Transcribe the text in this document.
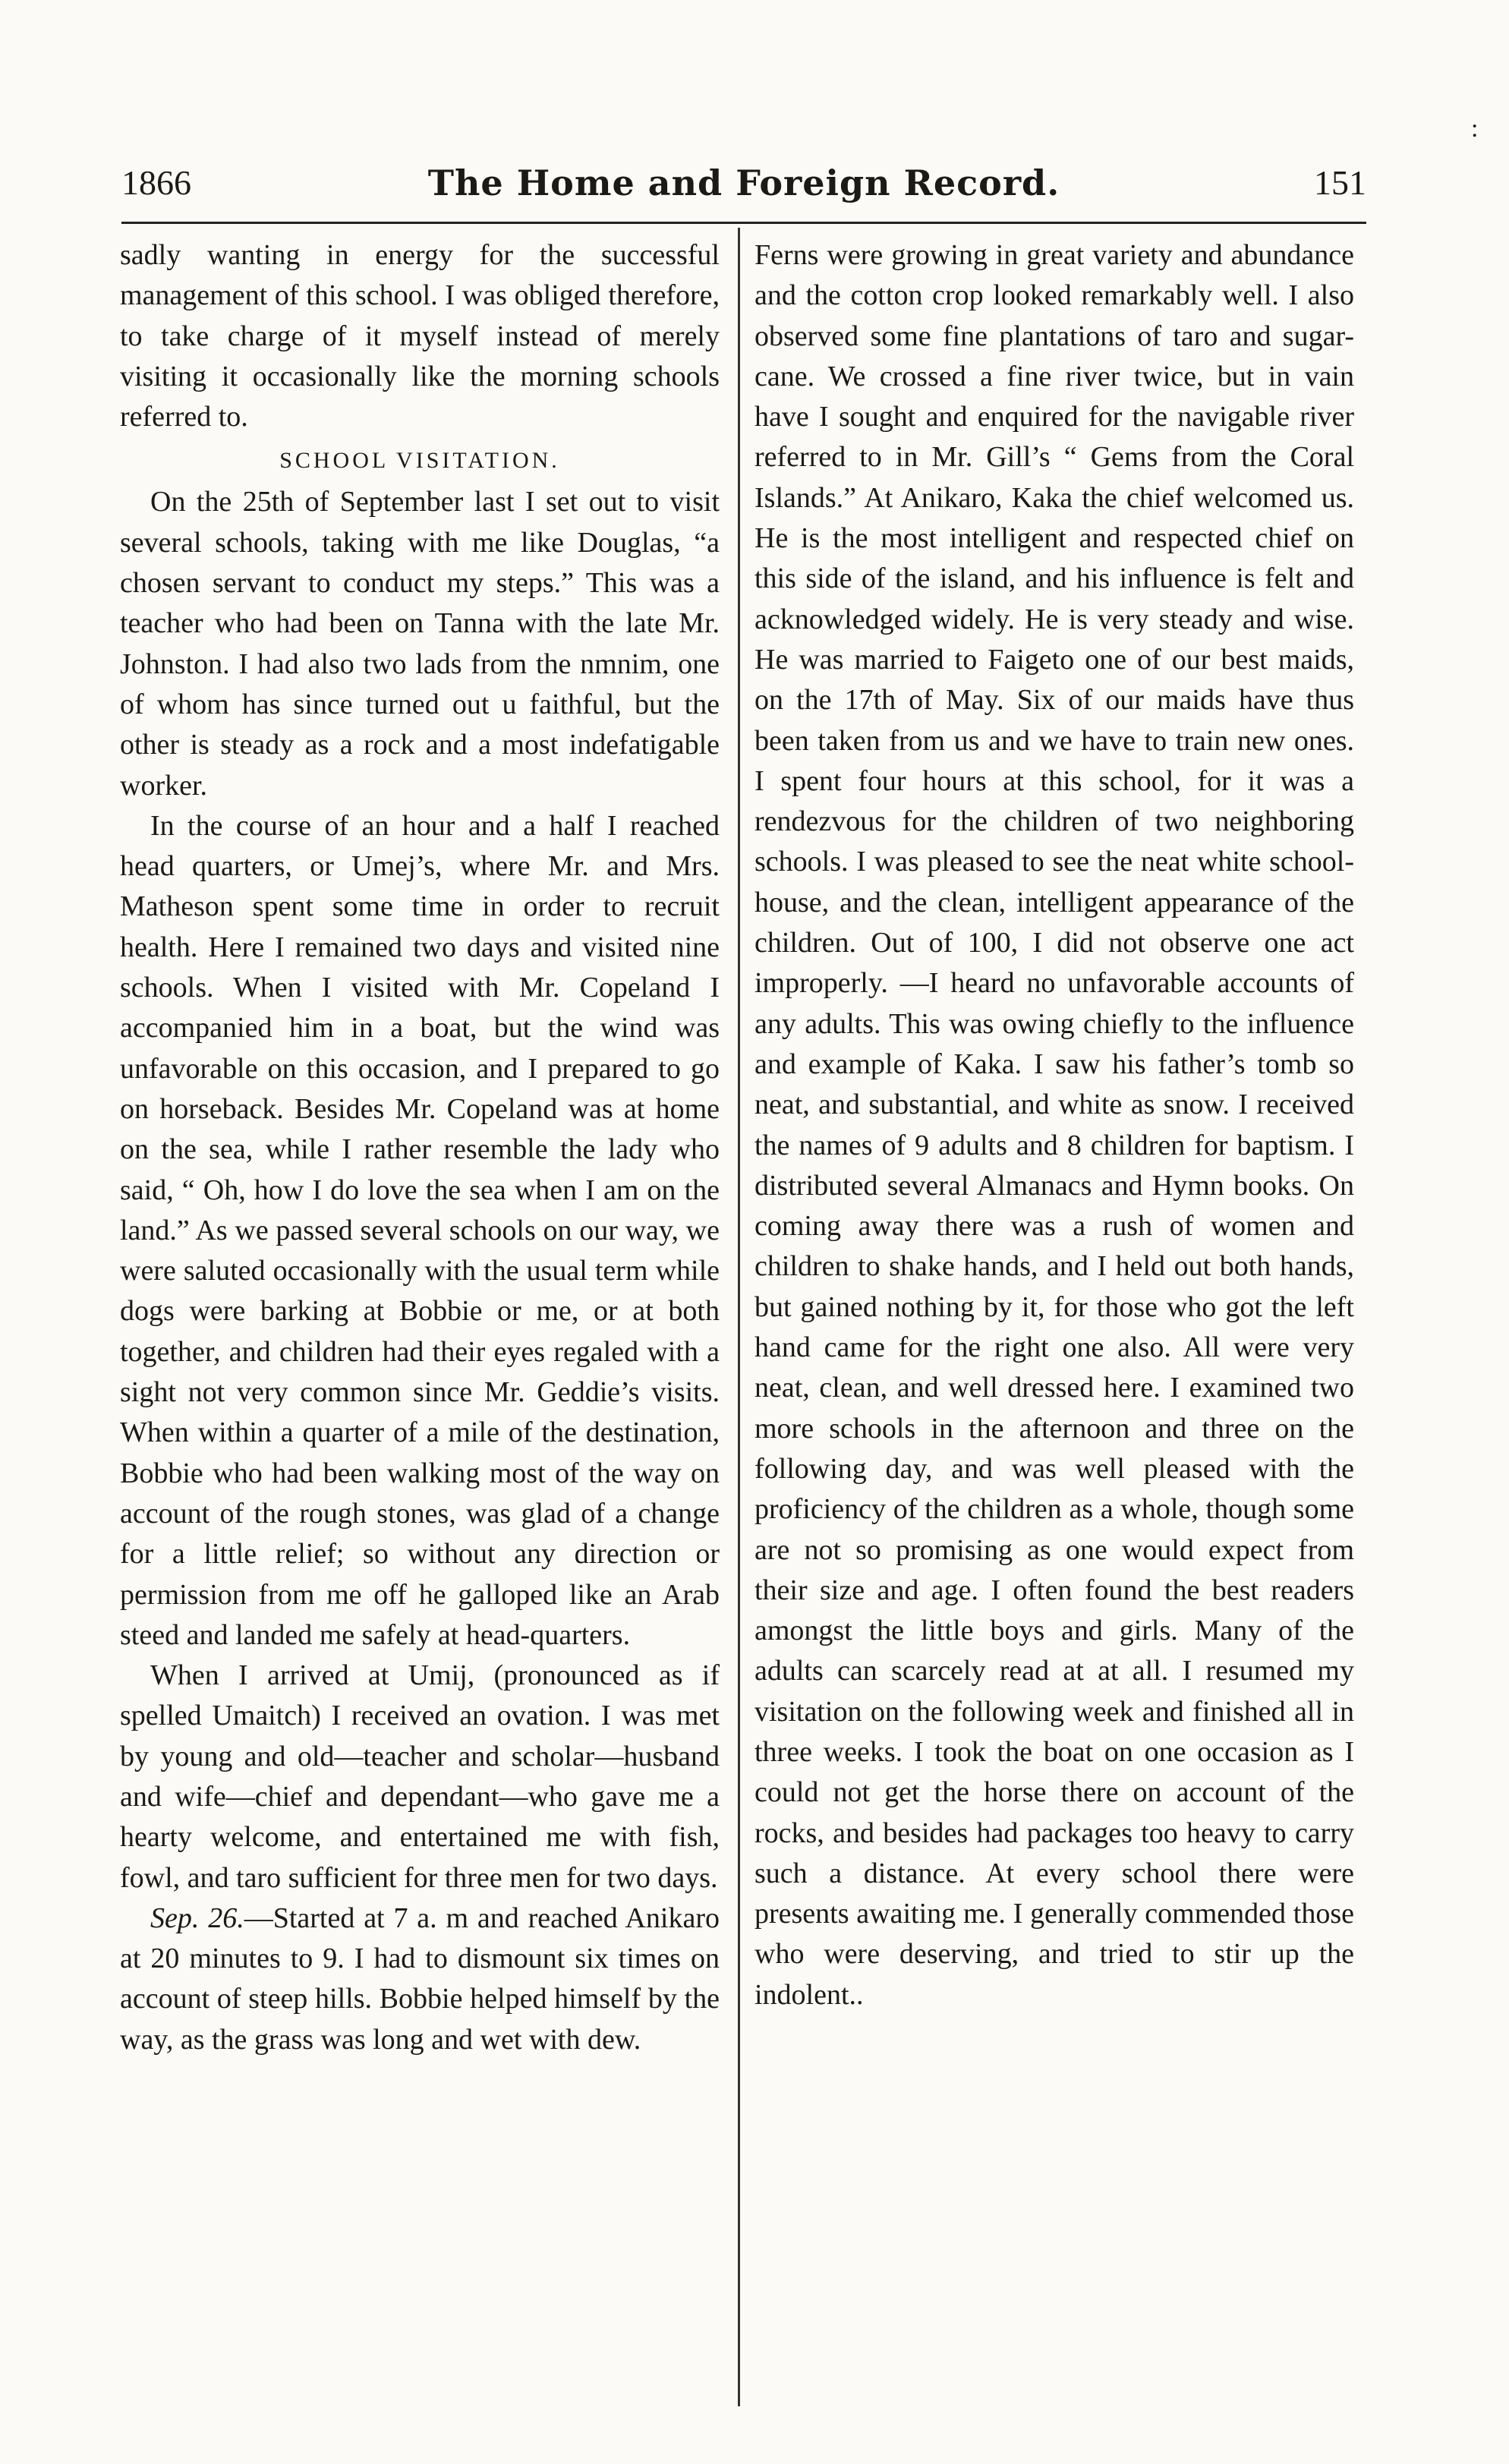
:
1866	The Home and Foreign Record.	151

sadly wanting in energy for the successful management of this school. I was obliged therefore, to take charge of it myself instead of merely visiting it occasionally like the morning schools referred to.

SCHOOL VISITATION.

On the 25th of September last I set out to visit several schools, taking with me like Douglas, “a chosen servant to conduct my steps.” This was a teacher who had been on Tanna with the late Mr. Johnston. I had also two lads from the nmnim, one of whom has since turned out u faithful, but the other is steady as a rock and a most indefatigable worker.

In the course of an hour and a half I reached head quarters, or Umej’s, where Mr. and Mrs. Matheson spent some time in order to recruit health. Here I remained two days and visited nine schools. When I visited with Mr. Copeland I accompanied him in a boat, but the wind was unfavorable on this occasion, and I prepared to go on horseback. Besides Mr. Copeland was at home on the sea, while I rather resemble the lady who said, “ Oh, how I do love the sea when I am on the land.” As we passed several schools on our way, we were saluted occasionally with the usual term while dogs were barking at Bobbie or me, or at both together, and children had their eyes regaled with a sight not very common since Mr. Geddie’s visits. When within a quarter of a mile of the destination, Bobbie who had been walking most of the way on account of the rough stones, was glad of a change for a little relief; so without any direction or permission from me off he galloped like an Arab steed and landed me safely at head-quarters.

When I arrived at Umij, (pronounced as if spelled Umaitch) I received an ovation. I was met by young and old—teacher and scholar—husband and wife—chief and dependant—who gave me a hearty welcome, and entertained me with fish, fowl, and taro sufficient for three men for two days.

Sep. 26.—Started at 7 a. m and reached Anikaro at 20 minutes to 9. I had to dismount six times on account of steep hills. Bobbie helped himself by the way, as the grass was long and wet with dew.

Ferns were growing in great variety and abundance and the cotton crop looked remarkably well. I also observed some fine plantations of taro and sugar-cane. We crossed a fine river twice, but in vain have I sought and enquired for the navigable river referred to in Mr. Gill’s “ Gems from the Coral Islands.” At Anikaro, Kaka the chief welcomed us. He is the most intelligent and respected chief on this side of the island, and his influence is felt and acknowledged widely. He is very steady and wise. He was married to Faigeto one of our best maids, on the 17th of May. Six of our maids have thus been taken from us and we have to train new ones. I spent four hours at this school, for it was a rendezvous for the children of two neighboring schools. I was pleased to see the neat white school-house, and the clean, intelligent appearance of the children. Out of 100, I did not observe one act improperly. —I heard no unfavorable accounts of any adults. This was owing chiefly to the influence and example of Kaka. I saw his father’s tomb so neat, and substantial, and white as snow. I received the names of 9 adults and 8 children for baptism. I distributed several Almanacs and Hymn books. On coming away there was a rush of women and children to shake hands, and I held out both hands, but gained nothing by it, for those who got the left hand came for the right one also. All were very neat, clean, and well dressed here. I examined two more schools in the afternoon and three on the following day, and was well pleased with the proficiency of the children as a whole, though some are not so promising as one would expect from their size and age. I often found the best readers amongst the little boys and girls. Many of the adults can scarcely read at at all. I resumed my visitation on the following week and finished all in three weeks. I took the boat on one occasion as I could not get the horse there on account of the rocks, and besides had packages too heavy to carry such a distance. At every school there were presents awaiting me. I generally commended those who were deserving, and tried to stir up the indolent..
